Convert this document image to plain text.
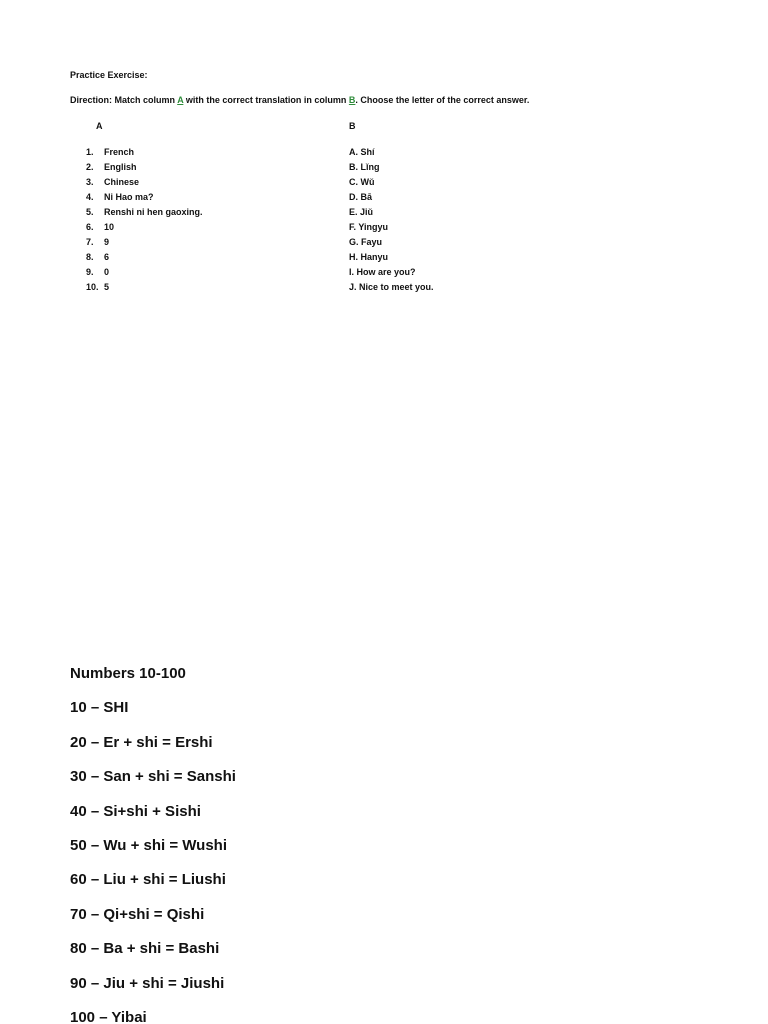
Practice Exercise:
Direction: Match column A with the correct translation in column B. Choose the letter of the correct answer.
A	B
1. French
2. English
3. Chinese
4. Ni Hao ma?
5. Renshi ni hen gaoxing.
6. 10
7. 9
8. 6
9. 0
10. 5
A. Shí
B. Lǐng
C. Wǔ
D. Bā
E. Jiǔ
F. Yingyu
G. Fayu
H. Hanyu
I. How are you?
J. Nice to meet you.
Numbers 10-100
10 – SHI
20 – Er + shi = Ershi
30 – San + shi = Sanshi
40 – Si+shi + Sishi
50 – Wu + shi = Wushi
60 – Liu + shi = Liushi
70 – Qi+shi = Qishi
80 – Ba + shi = Bashi
90 – Jiu + shi = Jiushi
100 – Yibai
